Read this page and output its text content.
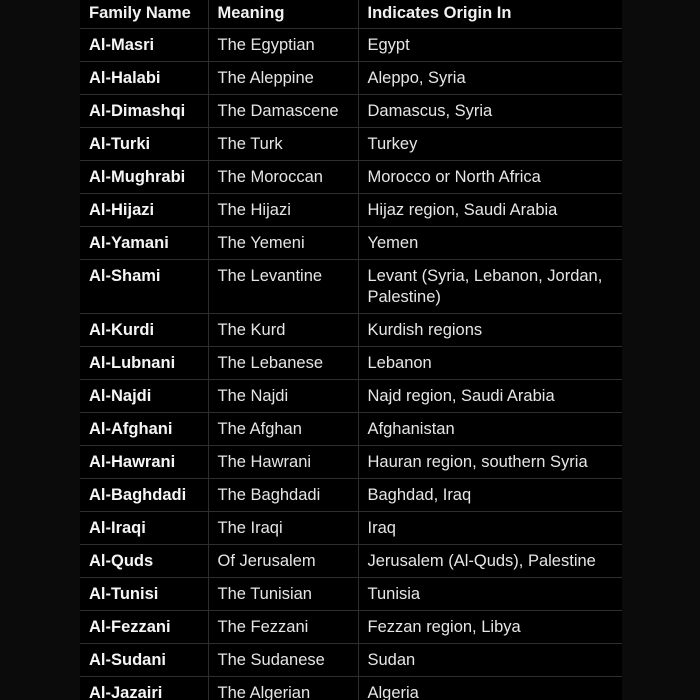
Family Name	Meaning	Indicates Origin In
Al-Masri	The Egyptian	Egypt
Al-Halabi	The Aleppine	Aleppo, Syria
Al-Dimashqi	The Damascene	Damascus, Syria
Al-Turki	The Turk	Turkey
Al-Mughrabi	The Moroccan	Morocco or North Africa
Al-Hijazi	The Hijazi	Hijaz region, Saudi Arabia
Al-Yamani	The Yemeni	Yemen
Al-Shami	The Levantine	Levant (Syria, Lebanon, Jordan, Palestine)
Al-Kurdi	The Kurd	Kurdish regions
Al-Lubnani	The Lebanese	Lebanon
Al-Najdi	The Najdi	Najd region, Saudi Arabia
Al-Afghani	The Afghan	Afghanistan
Al-Hawrani	The Hawrani	Hauran region, southern Syria
Al-Baghdadi	The Baghdadi	Baghdad, Iraq
Al-Iraqi	The Iraqi	Iraq
Al-Quds	Of Jerusalem	Jerusalem (Al-Quds), Palestine
Al-Tunisi	The Tunisian	Tunisia
Al-Fezzani	The Fezzani	Fezzan region, Libya
Al-Sudani	The Sudanese	Sudan
Al-Jazairi	The Algerian	Algeria
